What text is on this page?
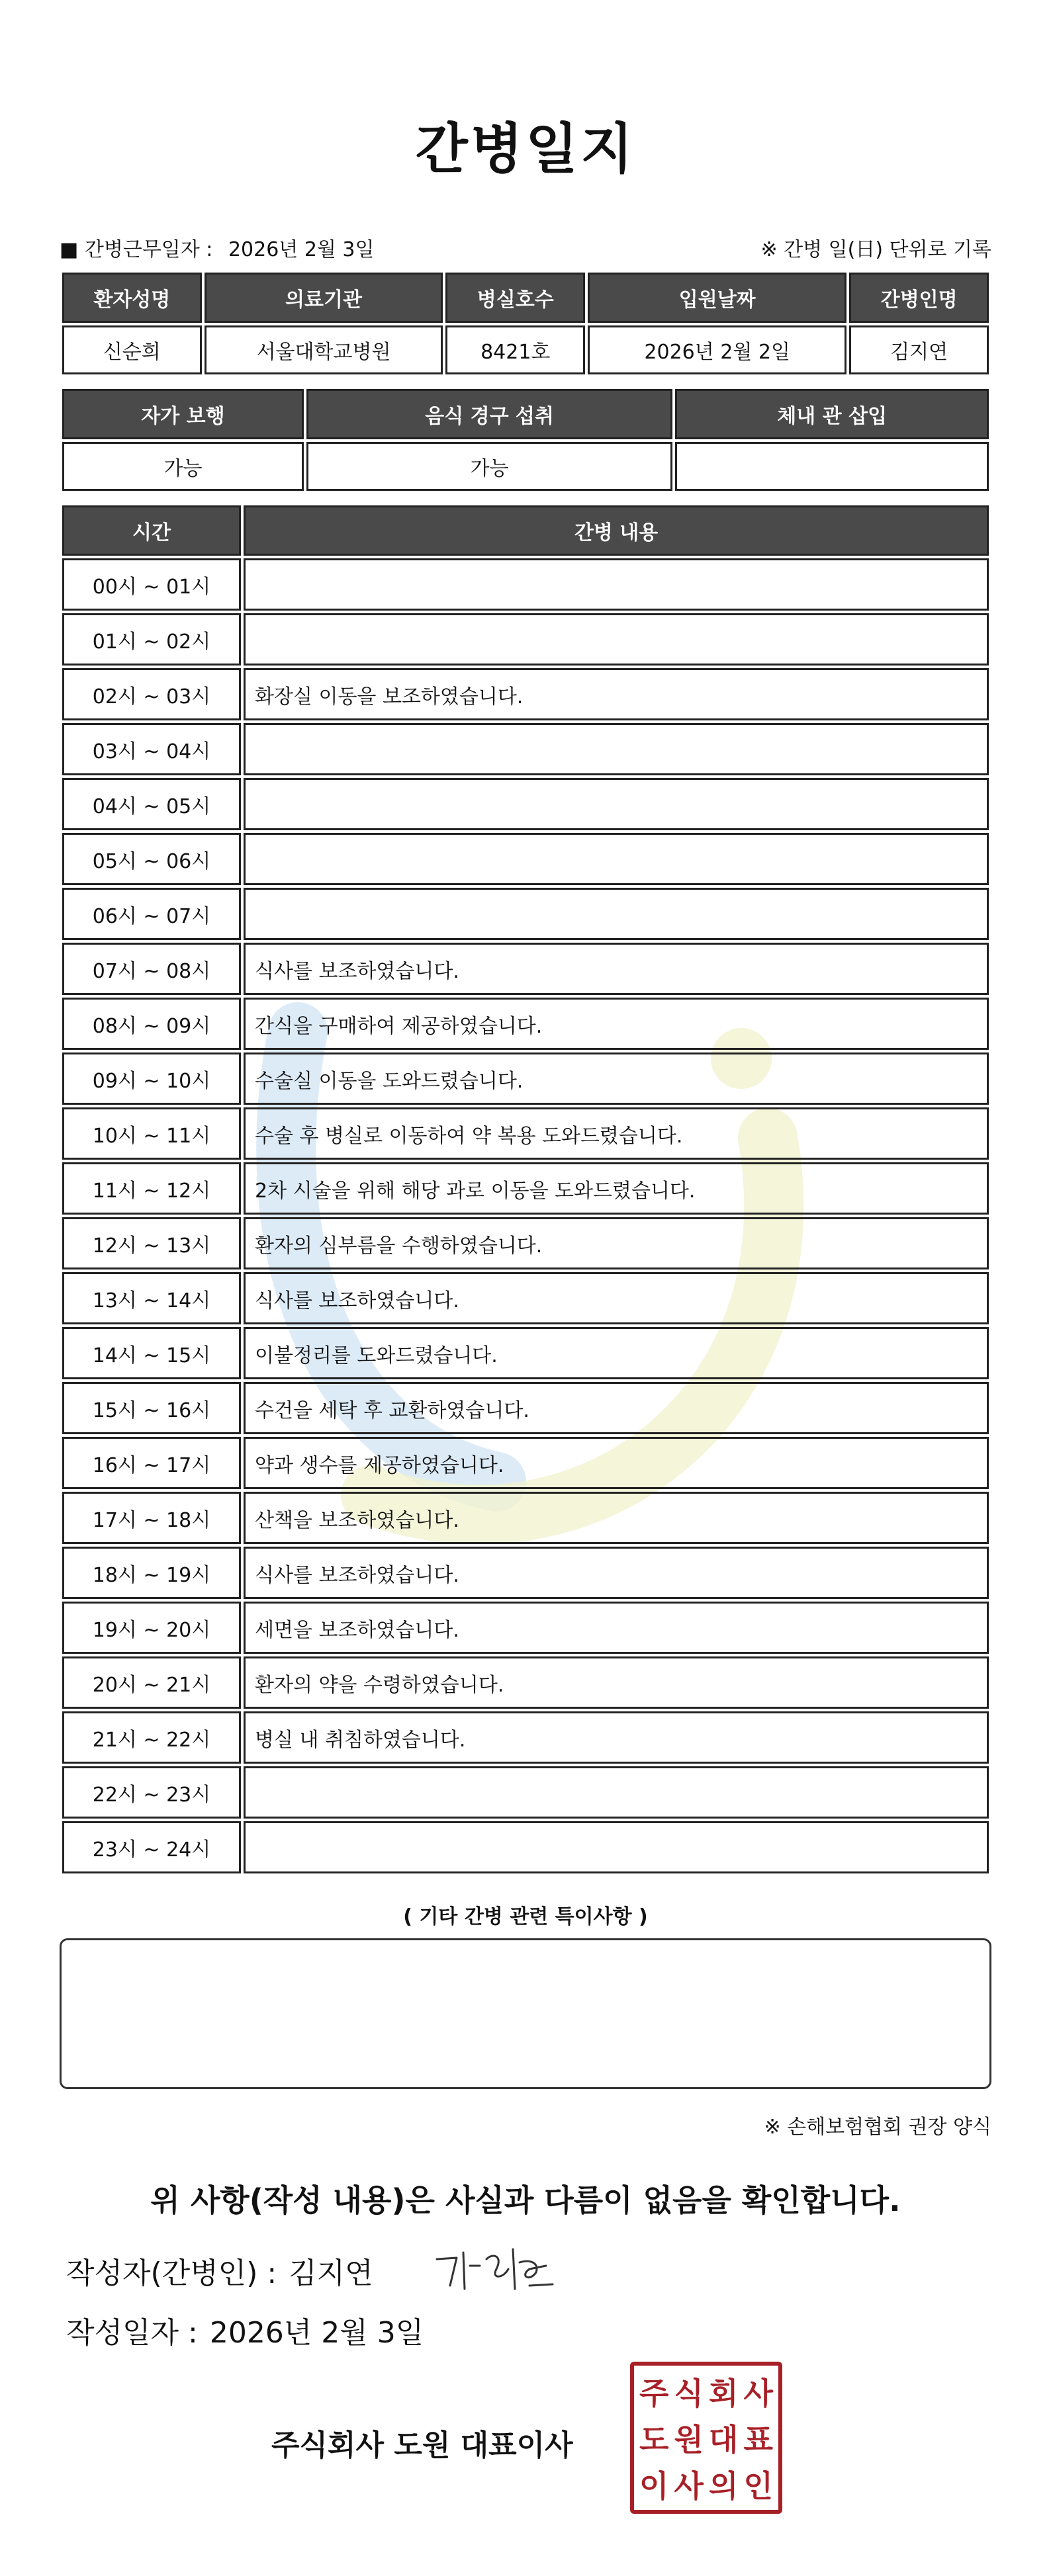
간병일지
■ 간병근무일자 : 2026년 2월 3일	※ 간병 일(日) 단위로 기록
환자성명	의료기관	병실호수	입원날짜	간병인명
신순희	서울대학교병원	8421호	2026년 2월 2일	김지연
자가 보행	음식 경구 섭취	체내 관 삽입
가능	가능	
시간	간병 내용
00시 ~ 01시	
01시 ~ 02시	
02시 ~ 03시	화장실 이동을 보조하였습니다.
03시 ~ 04시	
04시 ~ 05시	
05시 ~ 06시	
06시 ~ 07시	
07시 ~ 08시	식사를 보조하였습니다.
08시 ~ 09시	간식을 구매하여 제공하였습니다.
09시 ~ 10시	수술실 이동을 도와드렸습니다.
10시 ~ 11시	수술 후 병실로 이동하여 약 복용 도와드렸습니다.
11시 ~ 12시	2차 시술을 위해 해당 과로 이동을 도와드렸습니다.
12시 ~ 13시	환자의 심부름을 수행하였습니다.
13시 ~ 14시	식사를 보조하였습니다.
14시 ~ 15시	이불정리를 도와드렸습니다.
15시 ~ 16시	수건을 세탁 후 교환하였습니다.
16시 ~ 17시	약과 생수를 제공하였습니다.
17시 ~ 18시	산책을 보조하였습니다.
18시 ~ 19시	식사를 보조하였습니다.
19시 ~ 20시	세면을 보조하였습니다.
20시 ~ 21시	환자의 약을 수령하였습니다.
21시 ~ 22시	병실 내 취침하였습니다.
22시 ~ 23시	
23시 ~ 24시	
( 기타 간병 관련 특이사항 )
※ 손해보험협회 권장 양식
위 사항(작성 내용)은 사실과 다름이 없음을 확인합니다.
작성자(간병인) : 김지연
작성일자 : 2026년 2월 3일
주식회사 도원 대표이사
주 식 회 사
도 원 대 표
이 사 의 인
